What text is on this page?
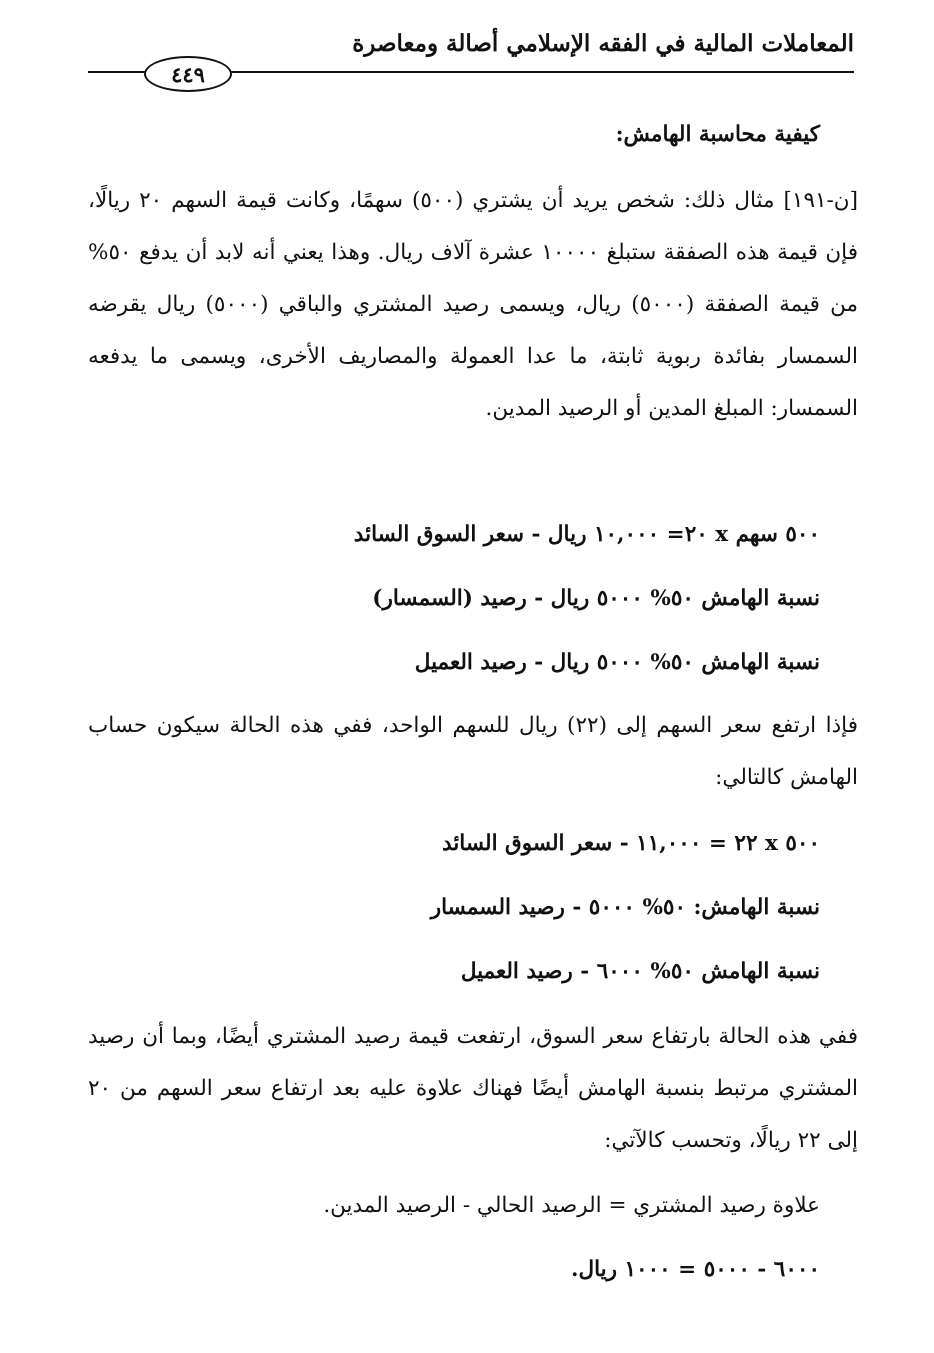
المعاملات المالية في الفقه الإسلامي أصالة ومعاصرة
٤٤٩
كيفية محاسبة الهامش:

[ن-١٩١] مثال ذلك: شخص يريد أن يشتري (٥٠٠) سهمًا، وكانت قيمة السهم ٢٠ ريالًا، فإن قيمة هذه الصفقة ستبلغ ١٠٠٠٠ عشرة آلاف ريال. وهذا يعني أنه لابد أن يدفع ٥٠% من قيمة الصفقة (٥٠٠٠) ريال، ويسمى رصيد المشتري والباقي (٥٠٠٠) ريال يقرضه السمسار بفائدة ربوية ثابتة، ما عدا العمولة والمصاريف الأخرى، ويسمى ما يدفعه السمسار: المبلغ المدين أو الرصيد المدين.

٥٠٠ سهم x ٢٠= ١٠,٠٠٠ ريال - سعر السوق السائد
نسبة الهامش ٥٠% ٥٠٠٠ ريال - رصيد (السمسار)
نسبة الهامش ٥٠% ٥٠٠٠ ريال - رصيد العميل

فإذا ارتفع سعر السهم إلى (٢٢) ريال للسهم الواحد، ففي هذه الحالة سيكون حساب الهامش كالتالي:

٥٠٠ x ٢٢ = ١١,٠٠٠ - سعر السوق السائد
نسبة الهامش: ٥٠% ٥٠٠٠ - رصيد السمسار
نسبة الهامش ٥٠% ٦٠٠٠ - رصيد العميل

ففي هذه الحالة بارتفاع سعر السوق، ارتفعت قيمة رصيد المشتري أيضًا، وبما أن رصيد المشتري مرتبط بنسبة الهامش أيضًا فهناك علاوة عليه بعد ارتفاع سعر السهم من ٢٠ إلى ٢٢ ريالًا، وتحسب كالآتي:

علاوة رصيد المشتري = الرصيد الحالي - الرصيد المدين.
٦٠٠٠ - ٥٠٠٠ = ١٠٠٠ ريال.
